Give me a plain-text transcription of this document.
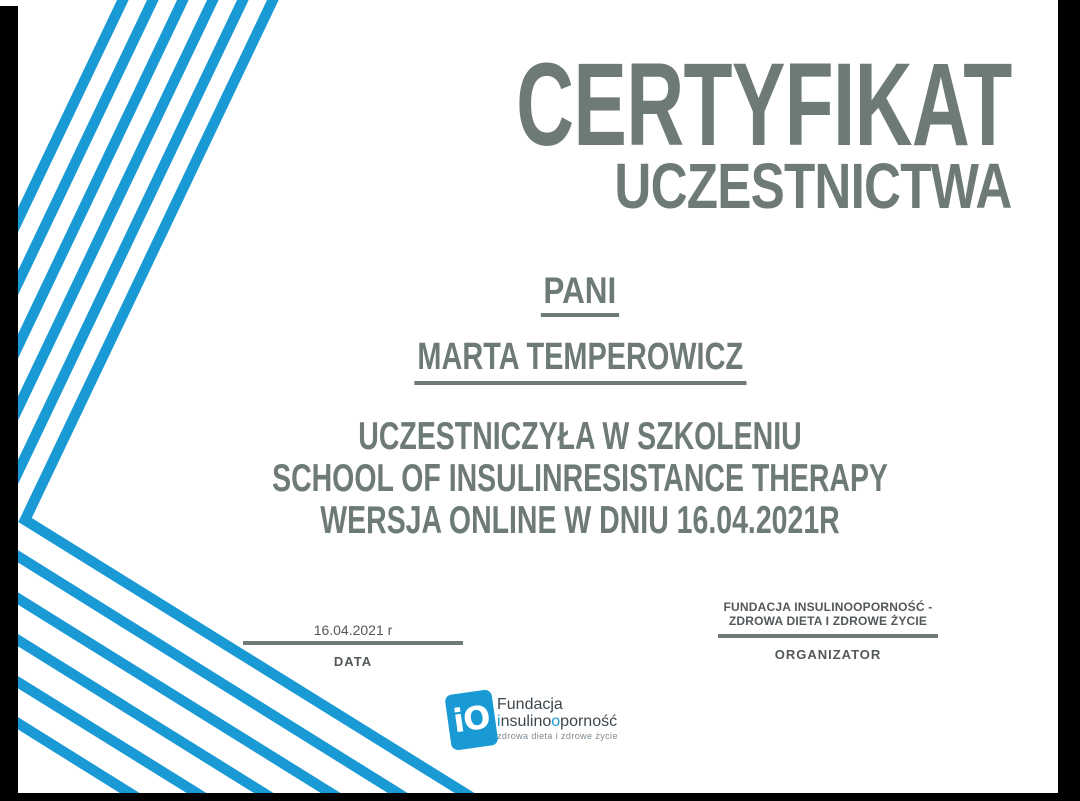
CERTYFIKAT
UCZESTNICTWA
PANI
MARTA TEMPEROWICZ
UCZESTNICZYŁA W SZKOLENIU
SCHOOL OF INSULINRESISTANCE THERAPY
WERSJA ONLINE W DNIU 16.04.2021R
16.04.2021 r
DATA
FUNDACJA INSULINOOPORNOŚĆ -
ZDROWA DIETA I ZDROWE ŻYCIE
ORGANIZATOR
iO Fundacja
insulinooporność
zdrowa dieta i zdrowe życie
